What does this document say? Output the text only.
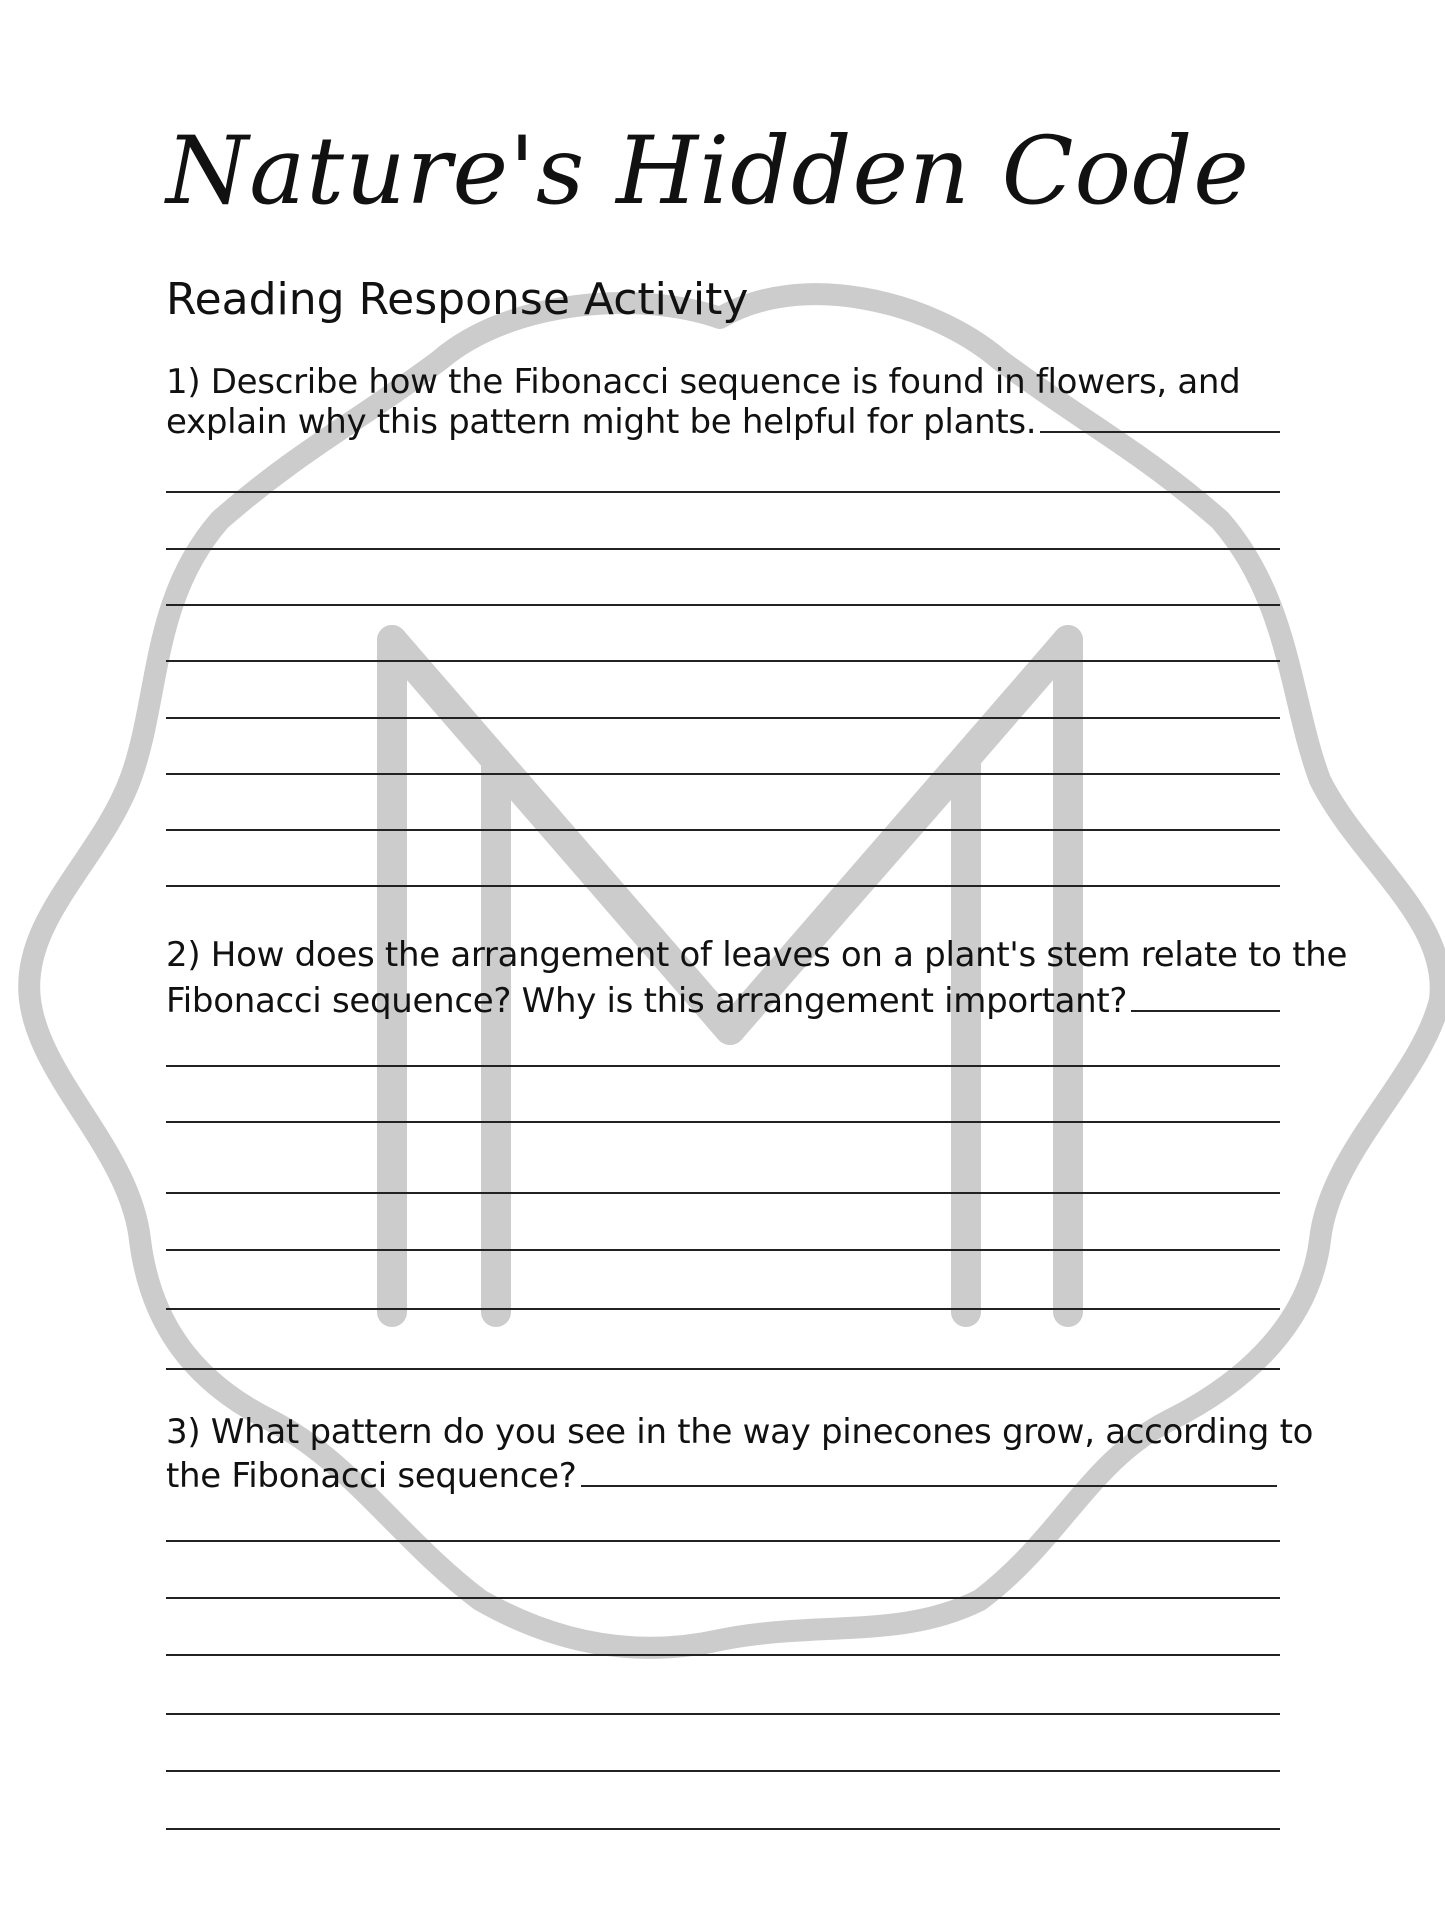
Nature's Hidden Code
Reading Response Activity
1) Describe how the Fibonacci sequence is found in flowers, and
explain why this pattern might be helpful for plants.
2) How does the arrangement of leaves on a plant's stem relate to the
Fibonacci sequence? Why is this arrangement important?
3) What pattern do you see in the way pinecones grow, according to
the Fibonacci sequence?
